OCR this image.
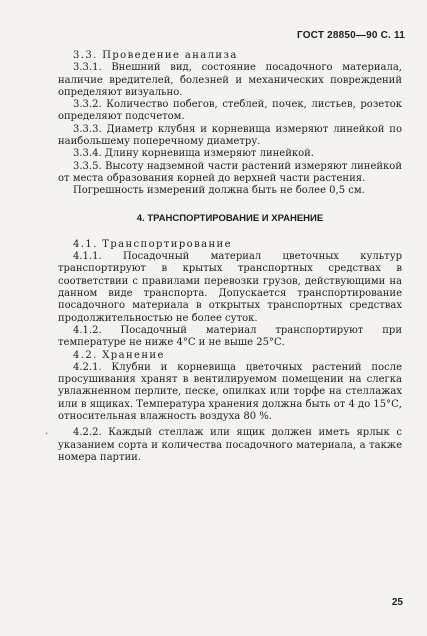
ГОСТ 28850—90 С. 11

3.3. Проведение анализа

3.3.1. Внешний вид, состояние посадочного материала, наличие вредителей, болезней и механических повреждений определяют визуально.

3.3.2. Количество побегов, стеблей, почек, листьев, розеток определяют подсчетом.

3.3.3. Диаметр клубня и корневища измеряют линейкой по наибольшему поперечному диаметру.

3.3.4. Длину корневища измеряют линейкой.

3.3.5. Высоту надземной части растений измеряют линейкой от места образования корней до верхней части растения.

Погрешность измерений должна быть не более 0,5 см.

4. ТРАНСПОРТИРОВАНИЕ И ХРАНЕНИЕ

4.1. Транспортирование

4.1.1. Посадочный материал цветочных культур транспортируют в крытых транспортных средствах в соответствии с правилами перевозки грузов, действующими на данном виде транспорта. Допускается транспортирование посадочного материала в открытых транспортных средствах продолжительностью не более суток.

4.1.2. Посадочный материал транспортируют при температуре не ниже 4°С и не выше 25°С.

4.2. Хранение

4.2.1. Клубни и корневища цветочных растений после просушивания хранят в вентилируемом помещении на слегка увлажненном перлите, песке, опилках или торфе на стеллажах или в ящиках. Температура хранения должна быть от 4 до 15°С, относительная влажность воздуха 80 %.

4.2.2. Каждый стеллаж или ящик должен иметь ярлык с указанием сорта и количества посадочного материала, а также номера партии.

ʼ
25
